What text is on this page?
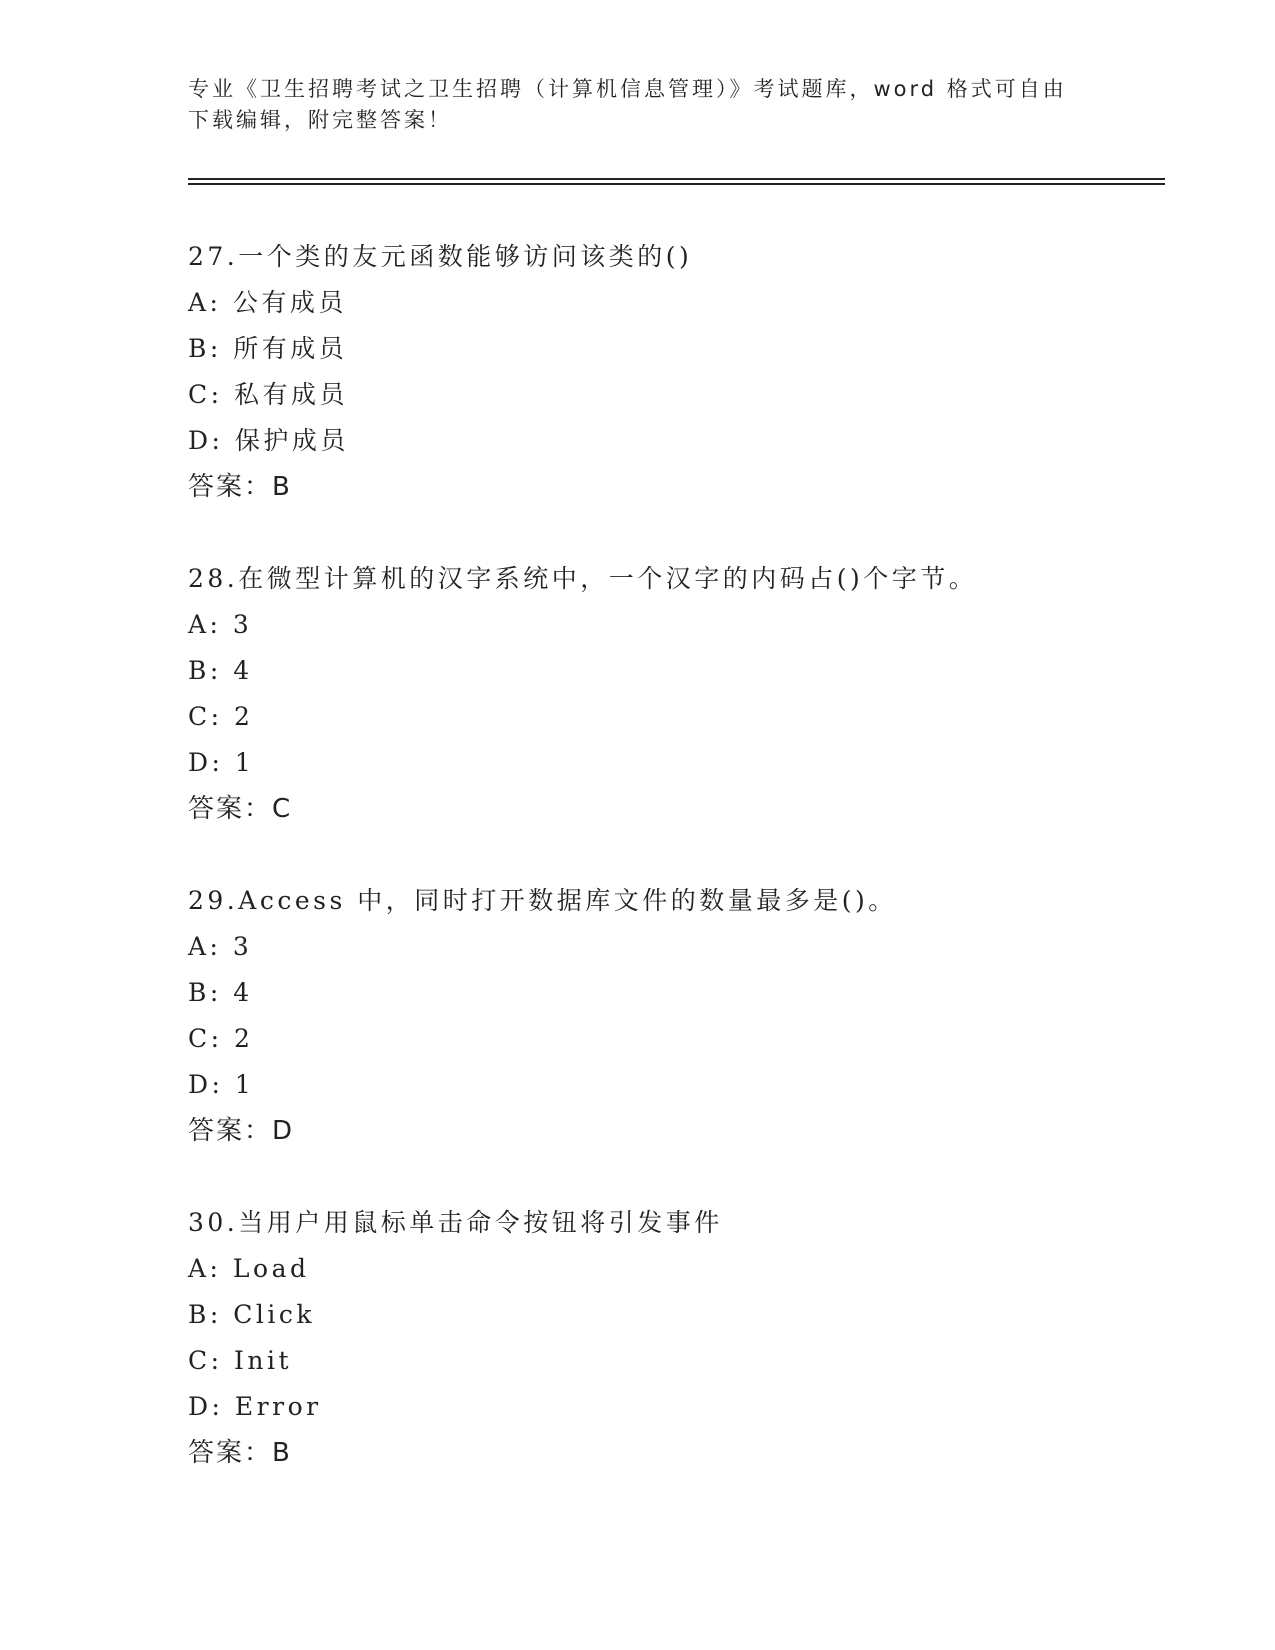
专业《卫生招聘考试之卫生招聘（计算机信息管理）》考试题库，word 格式可自由下载编辑，附完整答案！
27.一个类的友元函数能够访问该类的()
A: 公有成员
B: 所有成员
C: 私有成员
D: 保护成员
答案：B
28.在微型计算机的汉字系统中，一个汉字的内码占()个字节。
A: 3
B: 4
C: 2
D: 1
答案：C
29.Access 中，同时打开数据库文件的数量最多是()。
A: 3
B: 4
C: 2
D: 1
答案：D
30.当用户用鼠标单击命令按钮将引发事件
A: Load
B: Click
C: Init
D: Error
答案：B
